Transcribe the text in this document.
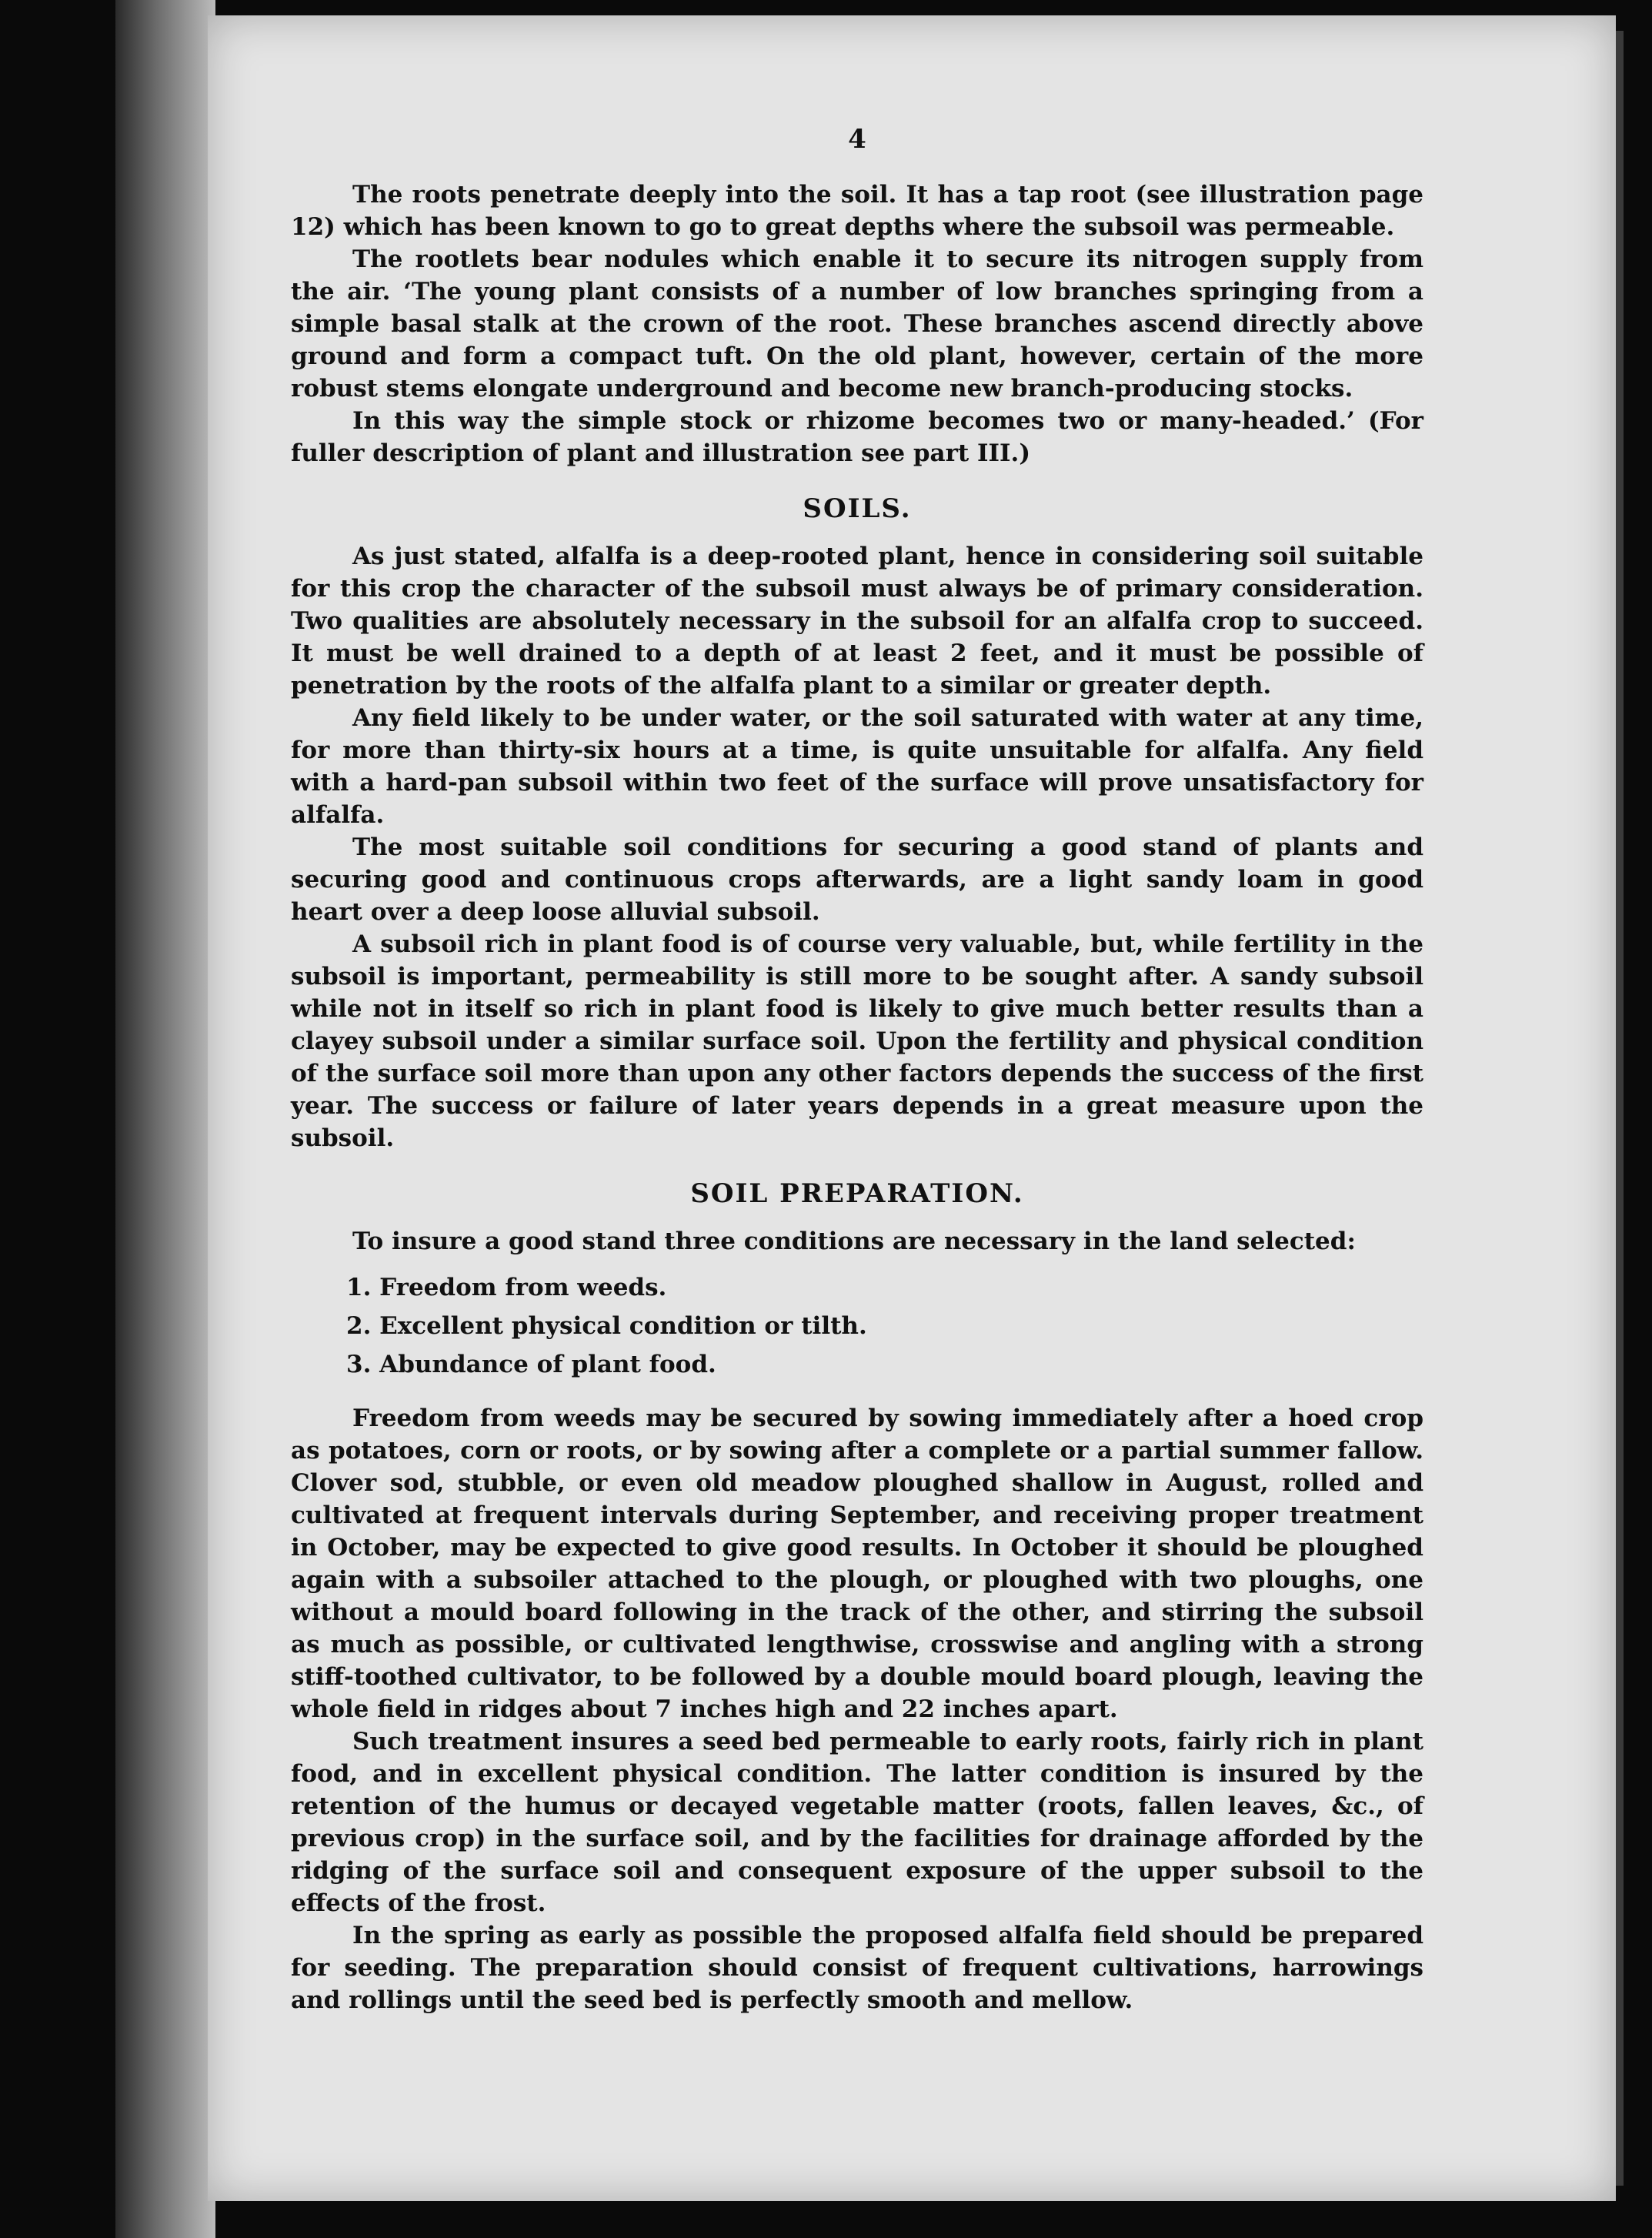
4

The roots penetrate deeply into the soil. It has a tap root (see illustration page 12) which has been known to go to great depths where the subsoil was permeable.

The rootlets bear nodules which enable it to secure its nitrogen supply from the air. ‘The young plant consists of a number of low branches springing from a simple basal stalk at the crown of the root. These branches ascend directly above ground and form a compact tuft. On the old plant, however, certain of the more robust stems elongate underground and become new branch-producing stocks.

In this way the simple stock or rhizome becomes two or many-headed.’ (For fuller description of plant and illustration see part III.)

SOILS.

As just stated, alfalfa is a deep-rooted plant, hence in considering soil suitable for this crop the character of the subsoil must always be of primary consideration. Two qualities are absolutely necessary in the subsoil for an alfalfa crop to succeed. It must be well drained to a depth of at least 2 feet, and it must be possible of penetration by the roots of the alfalfa plant to a similar or greater depth.

Any field likely to be under water, or the soil saturated with water at any time, for more than thirty-six hours at a time, is quite unsuitable for alfalfa. Any field with a hard-pan subsoil within two feet of the surface will prove unsatisfactory for alfalfa.

The most suitable soil conditions for securing a good stand of plants and securing good and continuous crops afterwards, are a light sandy loam in good heart over a deep loose alluvial subsoil.

A subsoil rich in plant food is of course very valuable, but, while fertility in the subsoil is important, permeability is still more to be sought after. A sandy subsoil while not in itself so rich in plant food is likely to give much better results than a clayey subsoil under a similar surface soil. Upon the fertility and physical condition of the surface soil more than upon any other factors depends the success of the first year. The success or failure of later years depends in a great measure upon the subsoil.

SOIL PREPARATION.

To insure a good stand three conditions are necessary in the land selected:

1. Freedom from weeds.
2. Excellent physical condition or tilth.
3. Abundance of plant food.

Freedom from weeds may be secured by sowing immediately after a hoed crop as potatoes, corn or roots, or by sowing after a complete or a partial summer fallow. Clover sod, stubble, or even old meadow ploughed shallow in August, rolled and cultivated at frequent intervals during September, and receiving proper treatment in October, may be expected to give good results. In October it should be ploughed again with a subsoiler attached to the plough, or ploughed with two ploughs, one without a mould board following in the track of the other, and stirring the subsoil as much as possible, or cultivated lengthwise, crosswise and angling with a strong stiff-toothed cultivator, to be followed by a double mould board plough, leaving the whole field in ridges about 7 inches high and 22 inches apart.

Such treatment insures a seed bed permeable to early roots, fairly rich in plant food, and in excellent physical condition. The latter condition is insured by the retention of the humus or decayed vegetable matter (roots, fallen leaves, &c., of previous crop) in the surface soil, and by the facilities for drainage afforded by the ridging of the surface soil and consequent exposure of the upper subsoil to the effects of the frost.

In the spring as early as possible the proposed alfalfa field should be prepared for seeding. The preparation should consist of frequent cultivations, harrowings and rollings until the seed bed is perfectly smooth and mellow.
